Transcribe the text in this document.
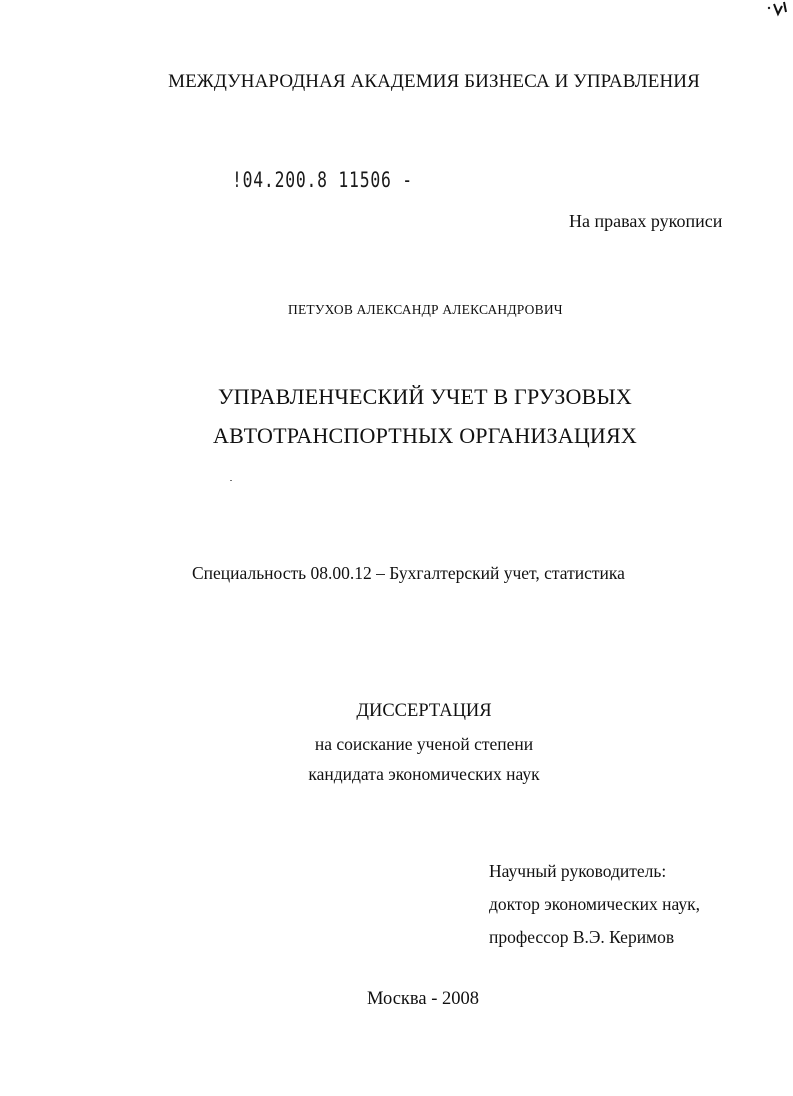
МЕЖДУНАРОДНАЯ АКАДЕМИЯ БИЗНЕСА И УПРАВЛЕНИЯ
!04.200.8 11506 -
На правах рукописи
ПЕТУХОВ АЛЕКСАНДР АЛЕКСАНДРОВИЧ
УПРАВЛЕНЧЕСКИЙ УЧЕТ В ГРУЗОВЫХ
АВТОТРАНСПОРТНЫХ ОРГАНИЗАЦИЯХ
Специальность 08.00.12 – Бухгалтерский учет, статистика
ДИССЕРТАЦИЯ
на соискание ученой степени
кандидата экономических наук
Научный руководитель:
доктор экономических наук,
профессор В.Э. Керимов
Москва - 2008
